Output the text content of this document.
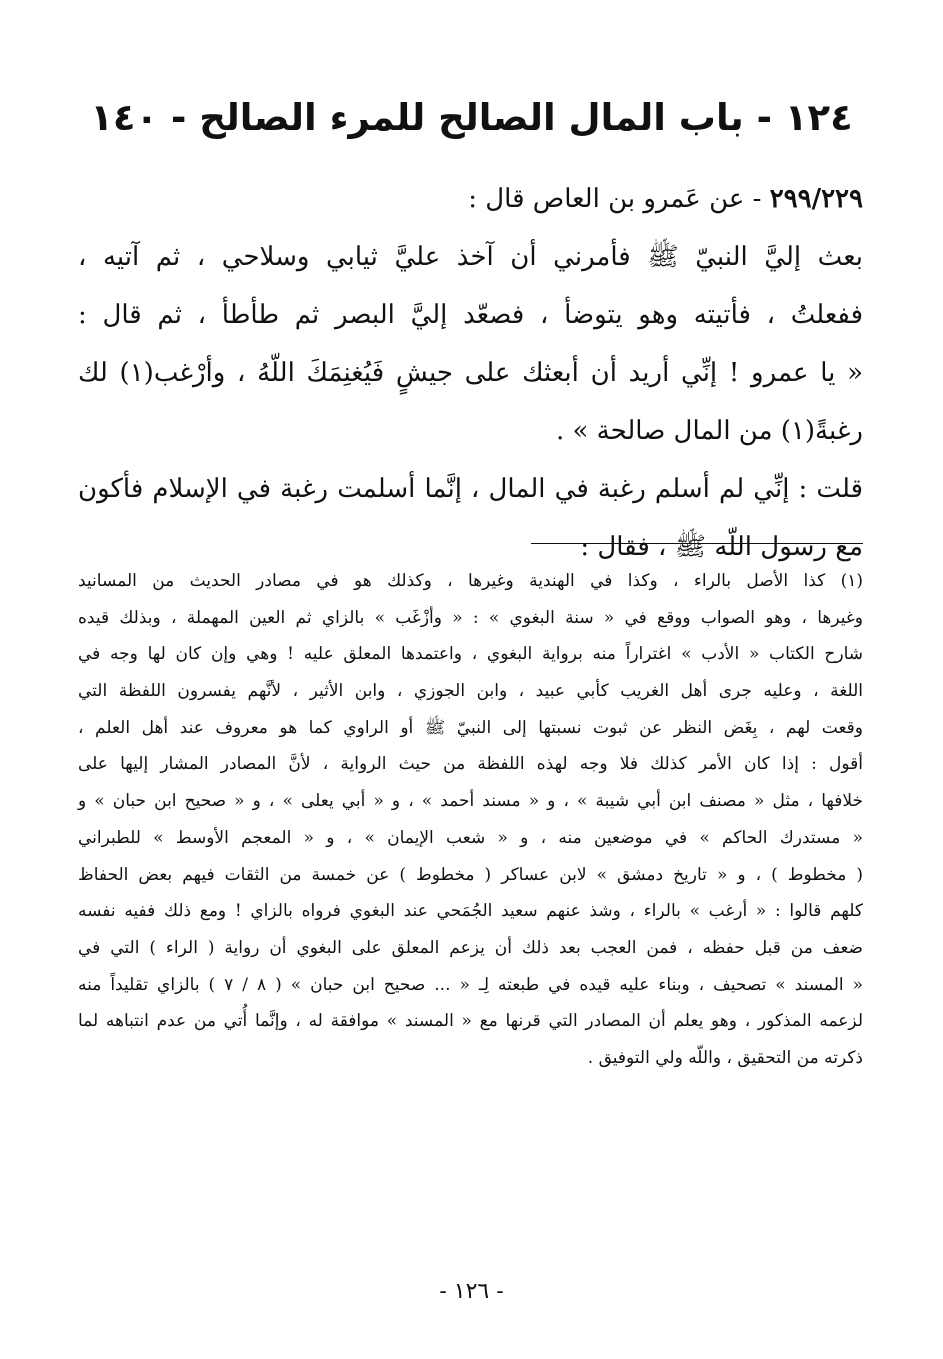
١٢٤ - باب المال الصالح للمرء الصالح - ١٤٠
٢٩٩/٢٢٩ - عن عَمرو بن العاص قال :
بعث إليَّ النبيّ ﷺ فأمرني أن آخذ عليَّ ثيابي وسلاحي ، ثم آتيه ،
ففعلتُ ، فأتيته وهو يتوضأ ، فصعّد إليَّ البصر ثم طأطأ ، ثم قال :
« يا عمرو ! إنِّي أريد أن أبعثك على جيشٍ فَيُغنِمَكَ اللّهُ ، وأرْغب(١) لك
رغبةً(١) من المال صالحة » .
قلت : إنِّي لم أسلم رغبة في المال ، إنَّما أسلمت رغبة في الإسلام فأكون
مع رسول اللّه ﷺ ، فقال :
(١) كذا الأصل بالراء ، وكذا في الهندية وغيرها ، وكذلك هو في مصادر الحديث من المسانيد
وغيرها ، وهو الصواب ووقع في « سنة البغوي » : « وأزْغَب » بالزاي ثم العين المهملة ، وبذلك قيده
شارح الكتاب « الأدب » اغتراراً منه برواية البغوي ، واعتمدها المعلق عليه ! وهي وإن كان لها وجه في
اللغة ، وعليه جرى أهل الغريب كأبي عبيد ، وابن الجوزي ، وابن الأثير ، لأنَّهم يفسرون اللفظة التي
وقعت لهم ، بِغَض النظر عن ثبوت نسبتها إلى النبيّ ﷺ أو الراوي كما هو معروف عند أهل العلم ،
أقول : إذا كان الأمر كذلك فلا وجه لهذه اللفظة من حيث الرواية ، لأنَّ المصادر المشار إليها على
خلافها ، مثل « مصنف ابن أبي شيبة » ، و « مسند أحمد » ، و « أبي يعلى » ، و « صحيح ابن حبان » و
« مستدرك الحاكم » في موضعين منه ، و « شعب الإيمان » ، و « المعجم الأوسط » للطبراني
( مخطوط ) ، و « تاريخ دمشق » لابن عساكر ( مخطوط ) عن خمسة من الثقات فيهم بعض الحفاظ
كلهم قالوا : « أرغب » بالراء ، وشذ عنهم سعيد الجُمَحي عند البغوي فرواه بالزاي ! ومع ذلك ففيه نفسه
ضعف من قبل حفظه ، فمن العجب بعد ذلك أن يزعم المعلق على البغوي أن رواية ( الراء ) التي في
« المسند » تصحيف ، وبناء عليه قيده في طبعته لِـ « ... صحيح ابن حبان » ( ٨ / ٧ ) بالزاي تقليداً منه
لزعمه المذكور ، وهو يعلم أن المصادر التي قرنها مع « المسند » موافقة له ، وإنَّما أُتي من عدم انتباهه لما
ذكرته من التحقيق ، واللّه ولي التوفيق .
- ١٢٦ -
